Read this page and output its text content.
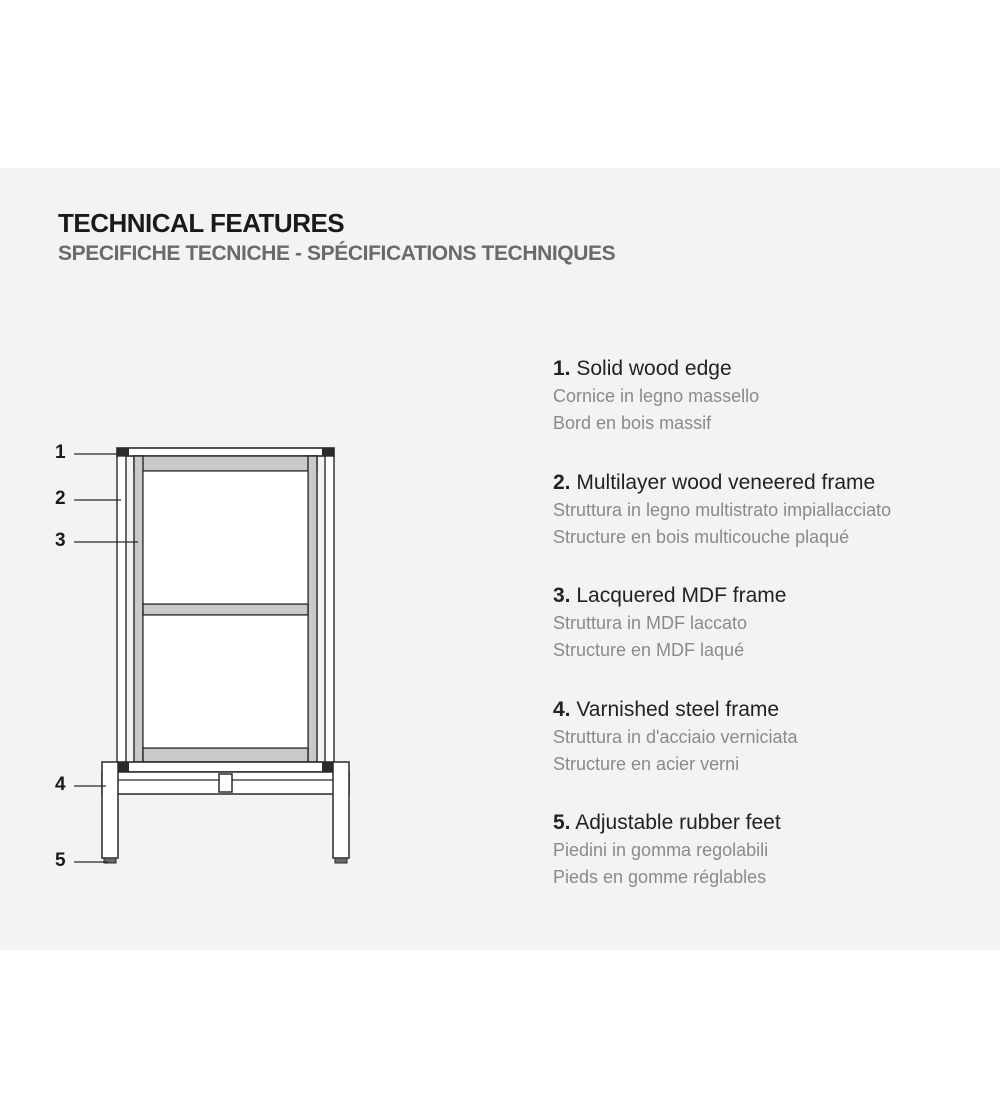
TECHNICAL FEATURES
SPECIFICHE TECNICHE - SPÉCIFICATIONS TECHNIQUES
1
2
3
4
5
1. Solid wood edge
Cornice in legno massello
Bord en bois massif
2. Multilayer wood veneered frame
Struttura in legno multistrato impiallacciato
Structure en bois multicouche plaqué
3. Lacquered MDF frame
Struttura in MDF laccato
Structure en MDF laqué
4. Varnished steel frame
Struttura in d'acciaio verniciata
Structure en acier verni
5. Adjustable rubber feet
Piedini in gomma regolabili
Pieds en gomme réglables
